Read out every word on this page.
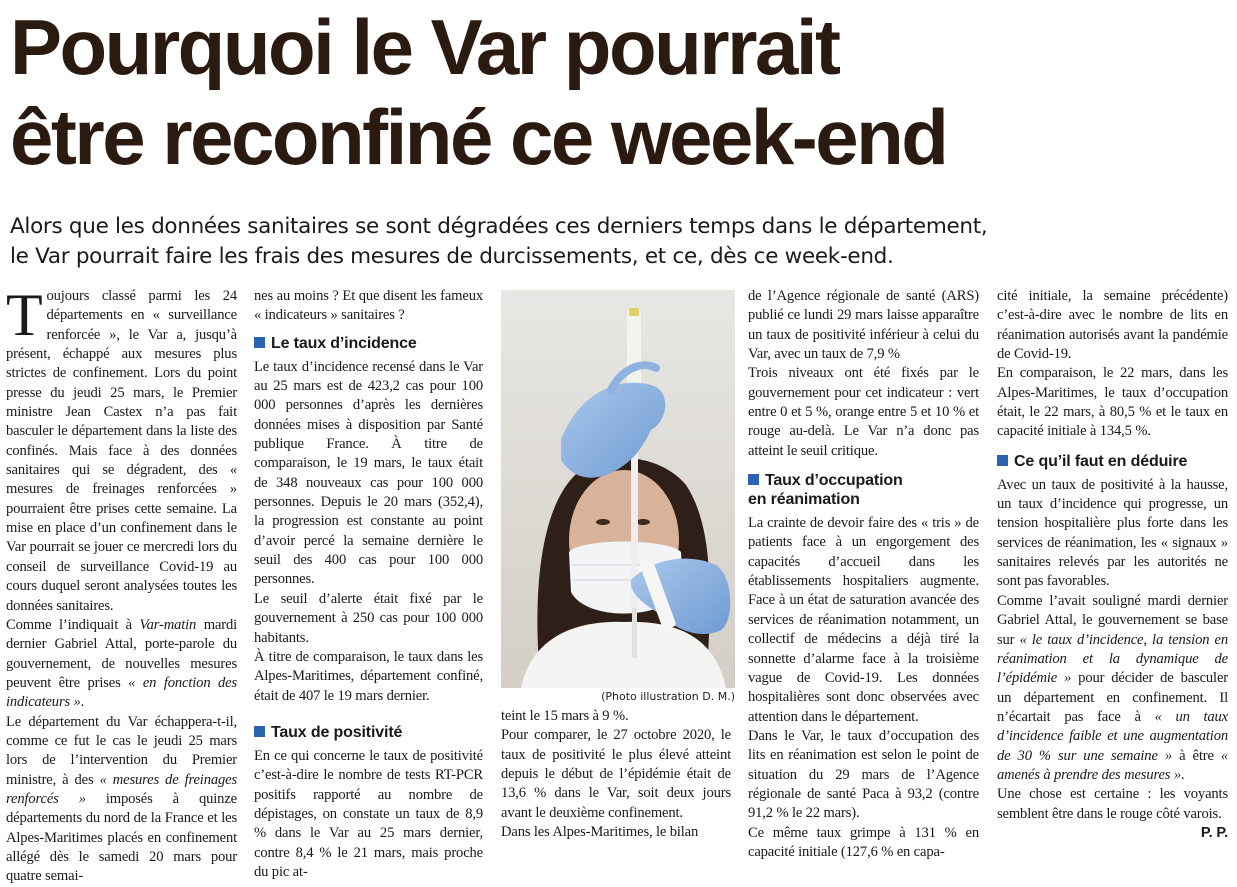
Pourquoi le Var pourrait
être reconfiné ce week-end
Alors que les données sanitaires se sont dégradées ces derniers temps dans le département,
le Var pourrait faire les frais des mesures de durcissements, et ce, dès ce week-end.

Toujours classé parmi les 24 départements en « surveillance renforcée », le Var a, jusqu’à présent, échappé aux mesures plus strictes de confinement. Lors du point presse du jeudi 25 mars, le Premier ministre Jean Castex n’a pas fait basculer le département dans la liste des confinés. Mais face à des données sanitaires qui se dégradent, des « mesures de freinages renforcées » pourraient être prises cette semaine. La mise en place d’un confinement dans le Var pourrait se jouer ce mercredi lors du conseil de surveillance Covid-19 au cours duquel seront analysées toutes les données sanitaires.

Comme l’indiquait à Var-matin mardi dernier Gabriel Attal, porte-parole du gouvernement, de nouvelles mesures peuvent être prises « en fonction des indicateurs ».

Le département du Var échappera-t-il, comme ce fut le cas le jeudi 25 mars lors de l’intervention du Premier ministre, à des « mesures de freinages renforcés » imposés à quinze départements du nord de la France et les Alpes-Maritimes placés en confinement allégé dès le samedi 20 mars pour quatre semai-

nes au moins ? Et que disent les fameux « indicateurs » sanitaires ?

Le taux d’incidence

Le taux d’incidence recensé dans le Var au 25 mars est de 423,2 cas pour 100 000 personnes d’après les dernières données mises à disposition par Santé publique France. À titre de comparaison, le 19 mars, le taux était de 348 nouveaux cas pour 100 000 personnes. Depuis le 20 mars (352,4), la progression est constante au point d’avoir percé la semaine dernière le seuil des 400 cas pour 100 000 personnes.

Le seuil d’alerte était fixé par le gouvernement à 250 cas pour 100 000 habitants.

À titre de comparaison, le taux dans les Alpes-Maritimes, département confiné, était de 407 le 19 mars dernier.

Taux de positivité

En ce qui concerne le taux de positivité c’est-à-dire le nombre de tests RT-PCR positifs rapporté au nombre de dépistages, on constate un taux de 8,9 % dans le Var au 25 mars dernier, contre 8,4 % le 21 mars, mais proche du pic at-

(Photo illustration D. M.)

teint le 15 mars à 9 %.

Pour comparer, le 27 octobre 2020, le taux de positivité le plus élevé atteint depuis le début de l’épidémie était de 13,6 % dans le Var, soit deux jours avant le deuxième confinement.

Dans les Alpes-Maritimes, le bilan

de l’Agence régionale de santé (ARS) publié ce lundi 29 mars laisse apparaître un taux de positivité inférieur à celui du Var, avec un taux de 7,9 %

Trois niveaux ont été fixés par le gouvernement pour cet indicateur : vert entre 0 et 5 %, orange entre 5 et 10 % et rouge au-delà. Le Var n’a donc pas atteint le seuil critique.

Taux d’occupation
en réanimation

La crainte de devoir faire des « tris » de patients face à un engorgement des capacités d’accueil dans les établissements hospitaliers augmente. Face à un état de saturation avancée des services de réanimation notamment, un collectif de médecins a déjà tiré la sonnette d’alarme face à la troisième vague de Covid-19. Les données hospitalières sont donc observées avec attention dans le département.

Dans le Var, le taux d’occupation des lits en réanimation est selon le point de situation du 29 mars de l’Agence régionale de santé Paca à 93,2 (contre 91,2 % le 22 mars).

Ce même taux grimpe à 131 % en capacité initiale (127,6 % en capa-

cité initiale, la semaine précédente) c’est-à-dire avec le nombre de lits en réanimation autorisés avant la pandémie de Covid-19.

En comparaison, le 22 mars, dans les Alpes-Maritimes, le taux d’occupation était, le 22 mars, à 80,5 % et le taux en capacité initiale à 134,5 %.

Ce qu’il faut en déduire

Avec un taux de positivité à la hausse, un taux d’incidence qui progresse, un tension hospitalière plus forte dans les services de réanimation, les « signaux » sanitaires relevés par les autorités ne sont pas favorables.

Comme l’avait souligné mardi dernier Gabriel Attal, le gouvernement se base sur « le taux d’incidence, la tension en réanimation et la dynamique de l’épidémie » pour décider de basculer un département en confinement. Il n’écartait pas face à « un taux d’incidence faible et une augmentation de 30 % sur une semaine » à être « amenés à prendre des mesures ».

Une chose est certaine : les voyants semblent être dans le rouge côté varois.

P. P.
